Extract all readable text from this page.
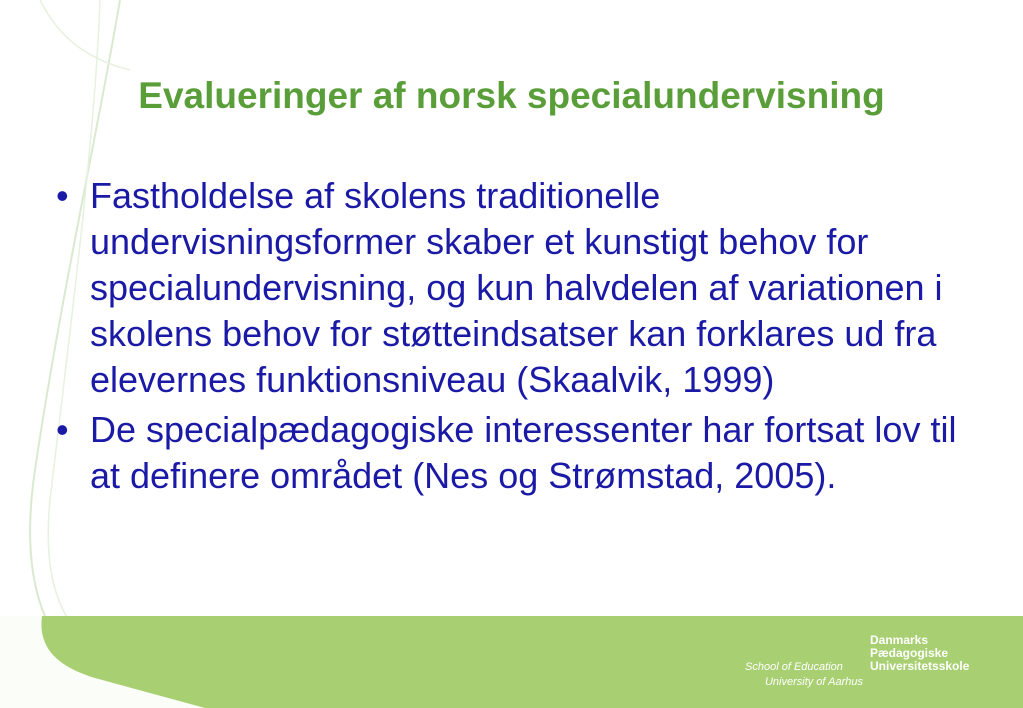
Evalueringer af norsk specialundervisning
• Fastholdelse af skolens traditionelle undervisningsformer skaber et kunstigt behov for specialundervisning, og kun halvdelen af variationen i skolens behov for støtteindsatser kan forklares ud fra elevernes funktionsniveau (Skaalvik, 1999)
• De specialpædagogiske interessenter har fortsat lov til at definere området (Nes og Strømstad, 2005).
School of Education
University of Aarhus
Danmarks
Pædagogiske
Universitetsskole
